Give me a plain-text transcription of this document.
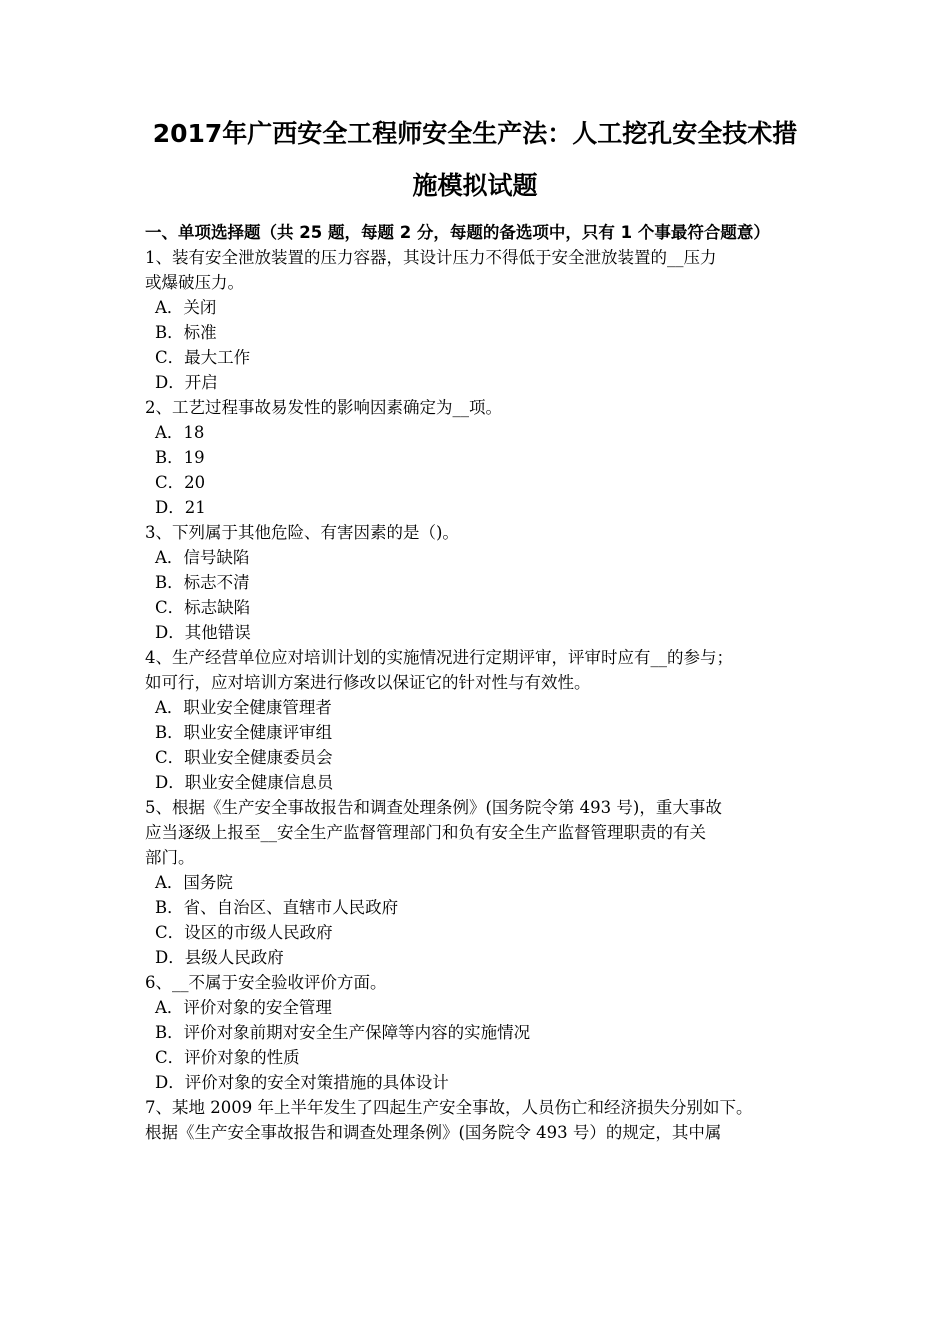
2017年广西安全工程师安全生产法：人工挖孔安全技术措
施模拟试题

一、单项选择题（共 25 题，每题 2 分，每题的备选项中，只有 1 个事最符合题意）

1、装有安全泄放装置的压力容器，其设计压力不得低于安全泄放装置的__压力

或爆破压力。

A．关闭

B．标准

C．最大工作

D．开启

2、工艺过程事故易发性的影响因素确定为__项。

A．18

B．19

C．20

D．21

3、下列属于其他危险、有害因素的是（)。

A．信号缺陷

B．标志不清

C．标志缺陷

D．其他错误

4、生产经营单位应对培训计划的实施情况进行定期评审，评审时应有__的参与；

如可行，应对培训方案进行修改以保证它的针对性与有效性。

A．职业安全健康管理者

B．职业安全健康评审组

C．职业安全健康委员会

D．职业安全健康信息员

5、根据《生产安全事故报告和调查处理条例》(国务院令第 493 号)，重大事故

应当逐级上报至__安全生产监督管理部门和负有安全生产监督管理职责的有关

部门。

A．国务院

B．省、自治区、直辖市人民政府

C．设区的市级人民政府

D．县级人民政府

6、__不属于安全验收评价方面。

A．评价对象的安全管理

B．评价对象前期对安全生产保障等内容的实施情况

C．评价对象的性质

D．评价对象的安全对策措施的具体设计

7、某地 2009 年上半年发生了四起生产安全事故，人员伤亡和经济损失分别如下。

根据《生产安全事故报告和调查处理条例》(国务院令 493 号）的规定，其中属
